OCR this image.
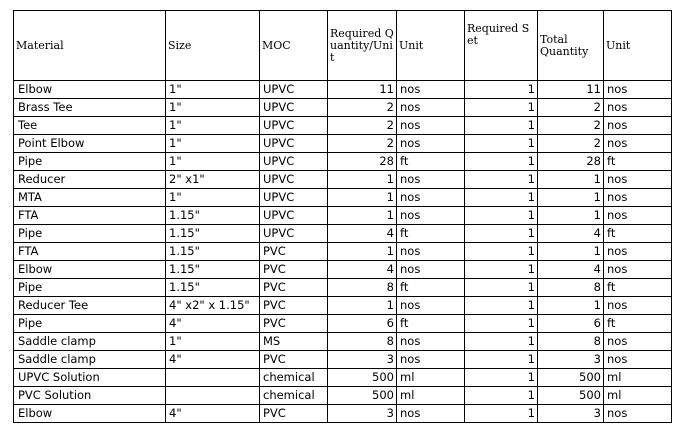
Material	Size	MOC	Required Quantity/Unit	Unit	Required Set	Total Quantity	Unit
Elbow	1"	UPVC	11	nos	1	11	nos
Brass Tee	1"	UPVC	2	nos	1	2	nos
Tee	1"	UPVC	2	nos	1	2	nos
Point Elbow	1"	UPVC	2	nos	1	2	nos
Pipe	1"	UPVC	28	ft	1	28	ft
Reducer	2" x1"	UPVC	1	nos	1	1	nos
MTA	1"	UPVC	1	nos	1	1	nos
FTA	1.15"	UPVC	1	nos	1	1	nos
Pipe	1.15"	UPVC	4	ft	1	4	ft
FTA	1.15"	PVC	1	nos	1	1	nos
Elbow	1.15"	PVC	4	nos	1	4	nos
Pipe	1.15"	PVC	8	ft	1	8	ft
Reducer Tee	4" x2" x 1.15"	PVC	1	nos	1	1	nos
Pipe	4"	PVC	6	ft	1	6	ft
Saddle clamp	1"	MS	8	nos	1	8	nos
Saddle clamp	4"	PVC	3	nos	1	3	nos
UPVC Solution		chemical	500	ml	1	500	ml
PVC Solution		chemical	500	ml	1	500	ml
Elbow	4"	PVC	3	nos	1	3	nos
